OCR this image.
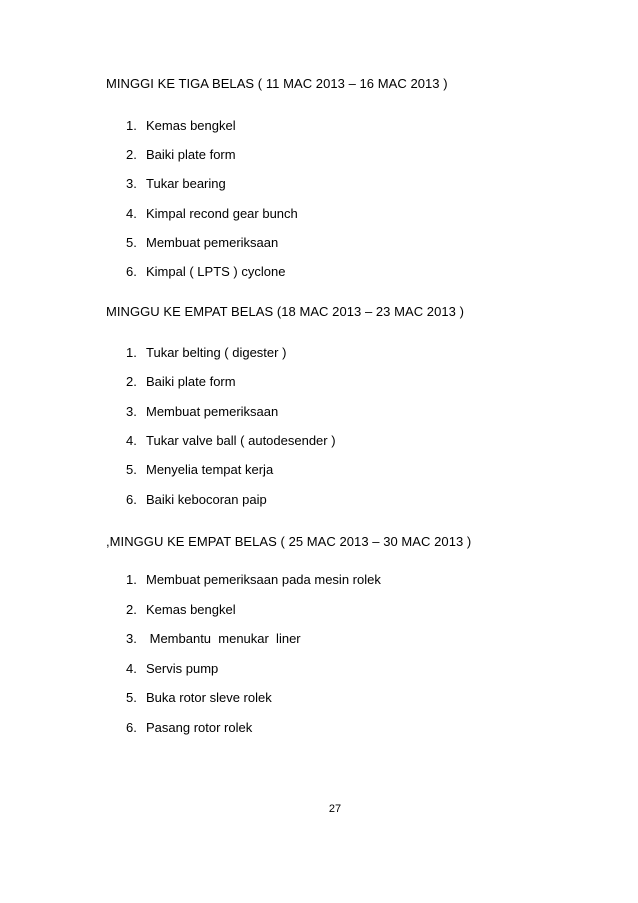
MINGGI KE TIGA BELAS ( 11 MAC 2013 – 16 MAC 2013 )
1. Kemas bengkel
2. Baiki plate form
3. Tukar bearing
4. Kimpal recond gear bunch
5. Membuat pemeriksaan
6. Kimpal ( LPTS ) cyclone
MINGGU KE EMPAT BELAS (18 MAC 2013 – 23 MAC 2013 )
1. Tukar belting ( digester )
2. Baiki plate form
3. Membuat pemeriksaan
4. Tukar valve ball ( autodesender )
5. Menyelia tempat kerja
6. Baiki kebocoran paip
,MINGGU KE EMPAT BELAS ( 25 MAC 2013 – 30 MAC 2013 )
1. Membuat pemeriksaan pada mesin rolek
2. Kemas bengkel
3. Membantu  menukar  liner
4. Servis pump
5. Buka rotor sleve rolek
6. Pasang rotor rolek
27
